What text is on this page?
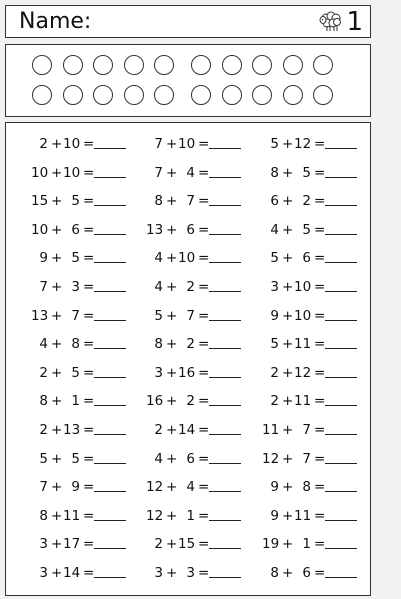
Name:	1
2 + 10 =
10 + 10 =
15 + 5 =
10 + 6 =
9 + 5 =
7 + 3 =
13 + 7 =
4 + 8 =
2 + 5 =
8 + 1 =
2 + 13 =
5 + 5 =
7 + 9 =
8 + 11 =
3 + 17 =
3 + 14 =
7 + 10 =
7 + 4 =
8 + 7 =
13 + 6 =
4 + 10 =
4 + 2 =
5 + 7 =
8 + 2 =
3 + 16 =
16 + 2 =
2 + 14 =
4 + 6 =
12 + 4 =
12 + 1 =
2 + 15 =
3 + 3 =
5 + 12 =
8 + 5 =
6 + 2 =
4 + 5 =
5 + 6 =
3 + 10 =
9 + 10 =
5 + 11 =
2 + 12 =
2 + 11 =
11 + 7 =
12 + 7 =
9 + 8 =
9 + 11 =
19 + 1 =
8 + 6 =
